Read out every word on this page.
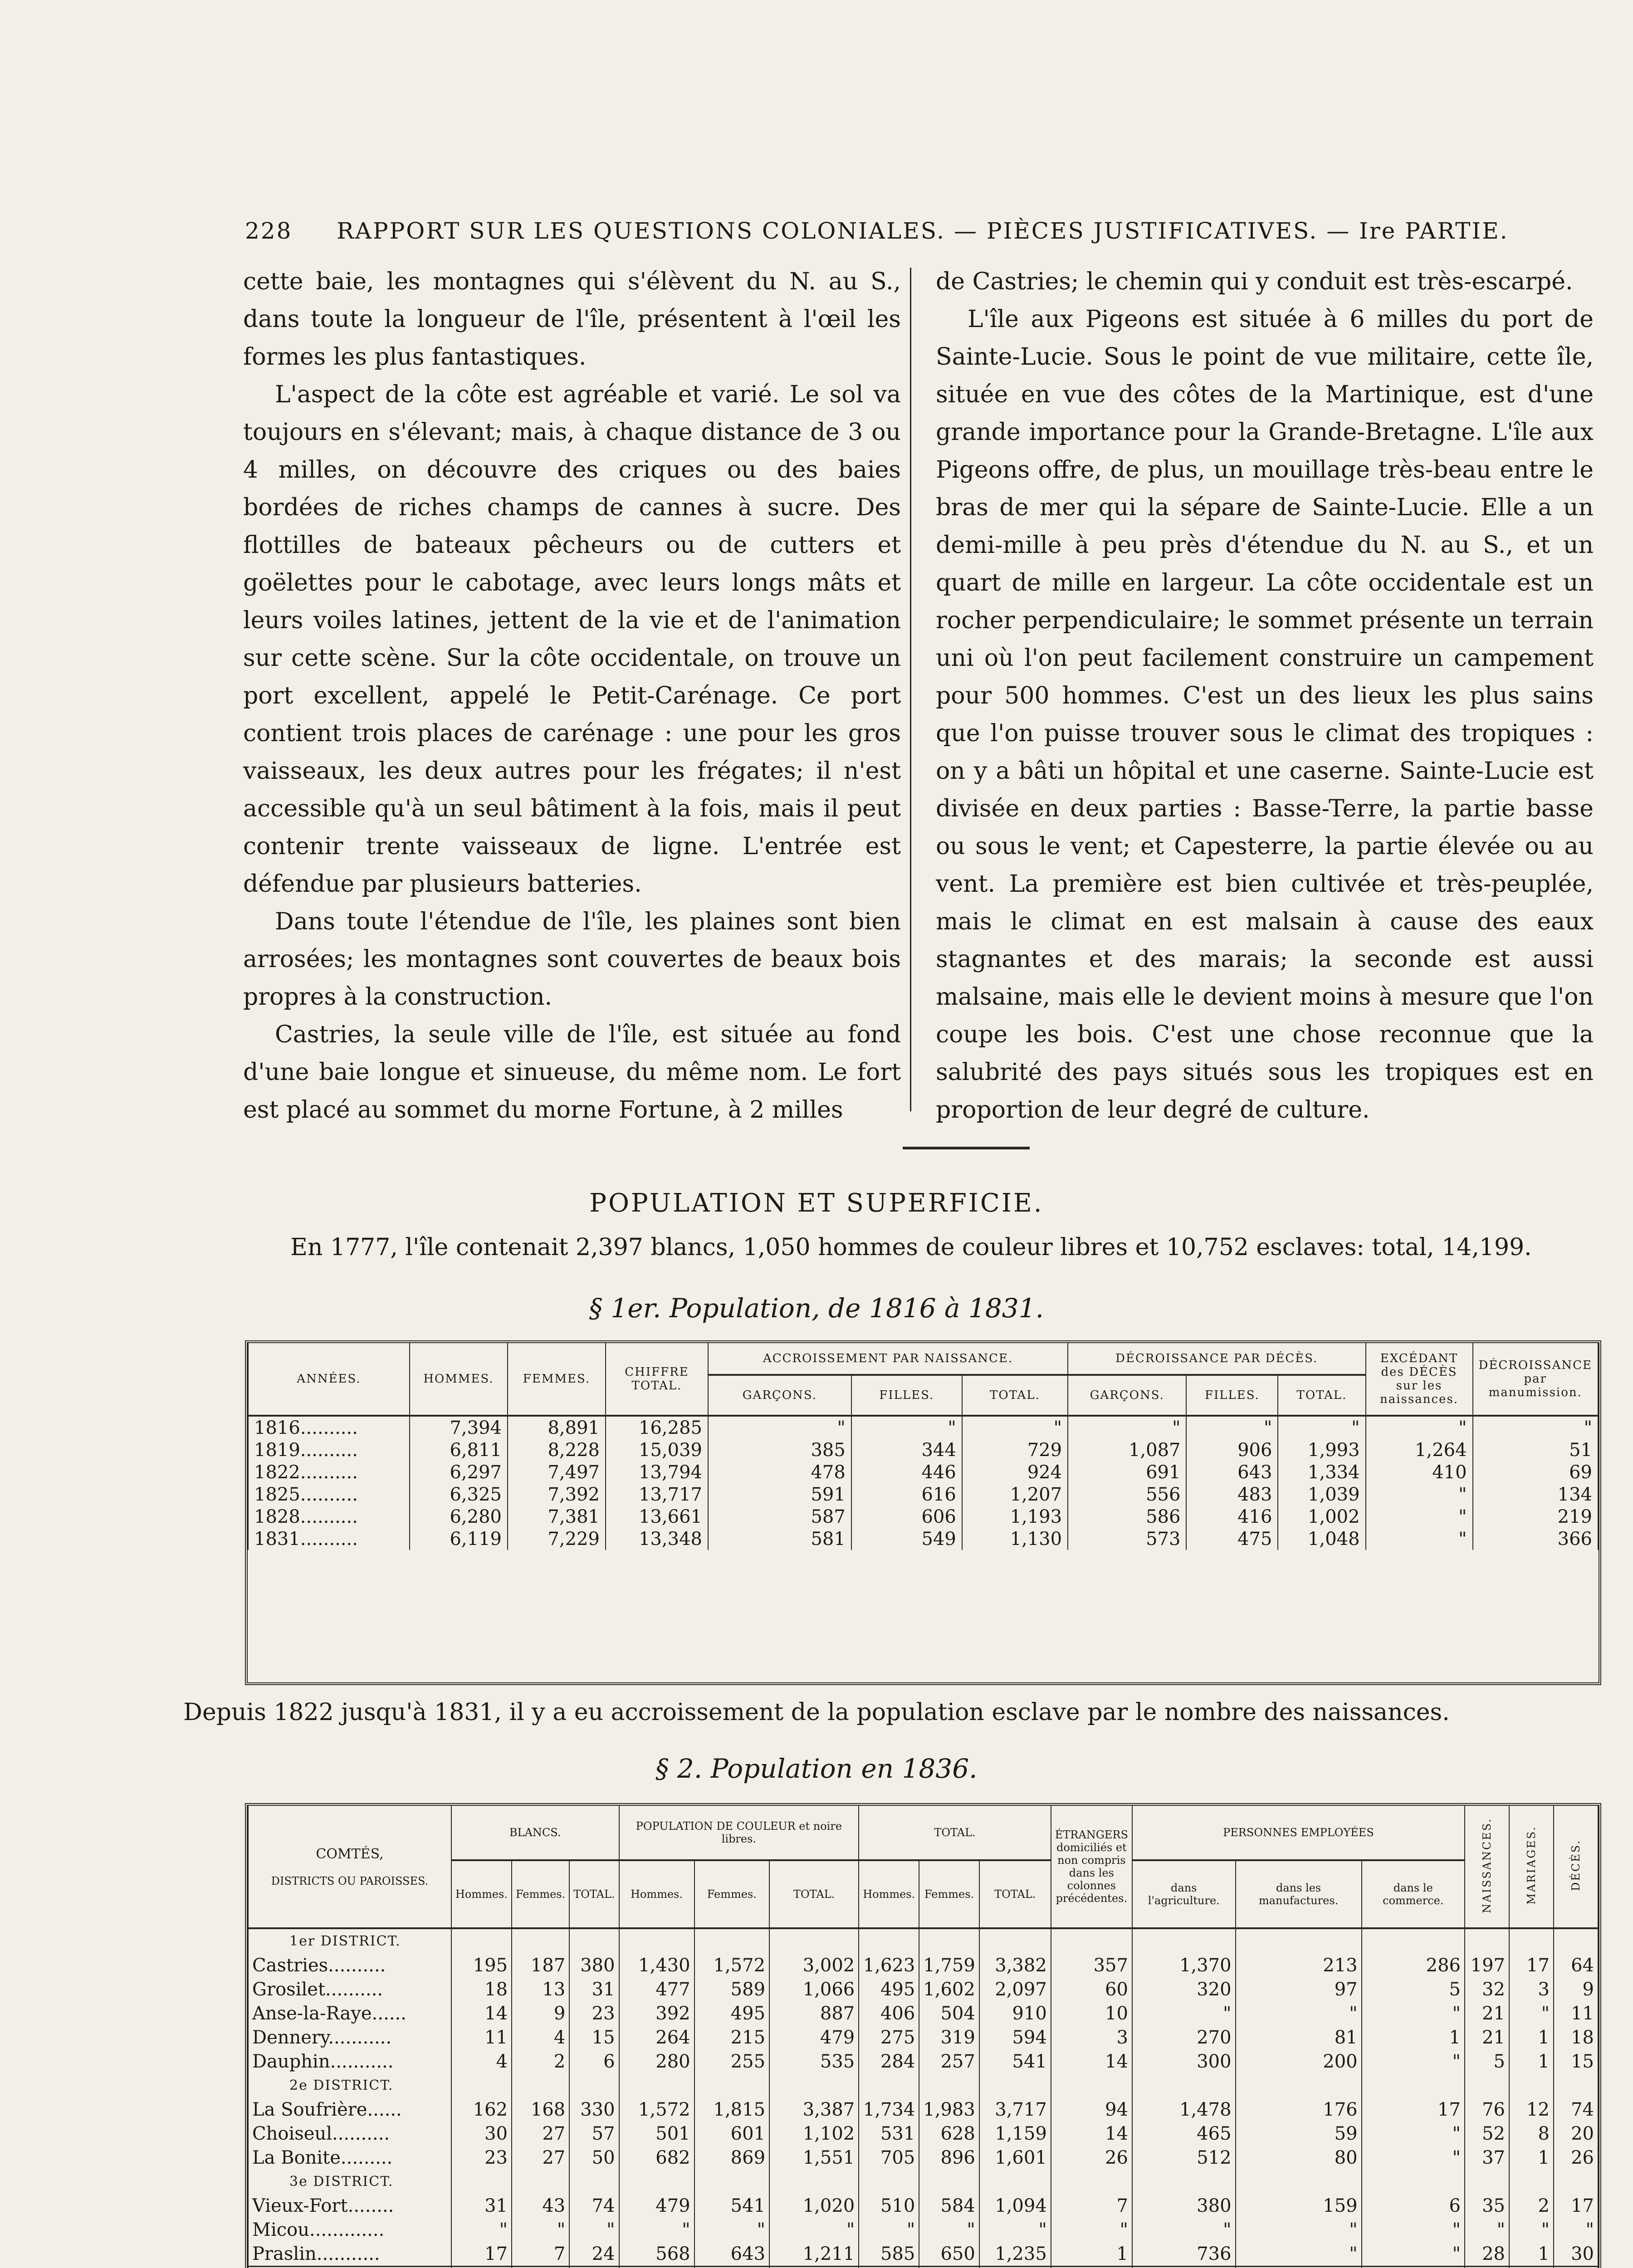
228 RAPPORT SUR LES QUESTIONS COLONIALES. — PIÈCES JUSTIFICATIVES. — Ire PARTIE.

cette baie, les montagnes qui s'élèvent du N. au S., dans toute la longueur de l'île, présentent à l'œil les formes les plus fantastiques.

L'aspect de la côte est agréable et varié. Le sol va toujours en s'élevant; mais, à chaque distance de 3 ou 4 milles, on découvre des criques ou des baies bordées de riches champs de cannes à sucre. Des flottilles de bateaux pêcheurs ou de cutters et goëlettes pour le cabotage, avec leurs longs mâts et leurs voiles latines, jettent de la vie et de l'animation sur cette scène. Sur la côte occidentale, on trouve un port excellent, appelé le Petit-Carénage. Ce port contient trois places de carénage : une pour les gros vaisseaux, les deux autres pour les frégates; il n'est accessible qu'à un seul bâtiment à la fois, mais il peut contenir trente vaisseaux de ligne. L'entrée est défendue par plusieurs batteries.

Dans toute l'étendue de l'île, les plaines sont bien arrosées; les montagnes sont couvertes de beaux bois propres à la construction.

Castries, la seule ville de l'île, est située au fond d'une baie longue et sinueuse, du même nom. Le fort est placé au sommet du morne Fortune, à 2 milles

de Castries; le chemin qui y conduit est très-escarpé.

L'île aux Pigeons est située à 6 milles du port de Sainte-Lucie. Sous le point de vue militaire, cette île, située en vue des côtes de la Martinique, est d'une grande importance pour la Grande-Bretagne. L'île aux Pigeons offre, de plus, un mouillage très-beau entre le bras de mer qui la sépare de Sainte-Lucie. Elle a un demi-mille à peu près d'étendue du N. au S., et un quart de mille en largeur. La côte occidentale est un rocher perpendiculaire; le sommet présente un terrain uni où l'on peut facilement construire un campement pour 500 hommes. C'est un des lieux les plus sains que l'on puisse trouver sous le climat des tropiques : on y a bâti un hôpital et une caserne. Sainte-Lucie est divisée en deux parties : Basse-Terre, la partie basse ou sous le vent; et Capesterre, la partie élevée ou au vent. La première est bien cultivée et très-peuplée, mais le climat en est malsain à cause des eaux stagnantes et des marais; la seconde est aussi malsaine, mais elle le devient moins à mesure que l'on coupe les bois. C'est une chose reconnue que la salubrité des pays situés sous les tropiques est en proportion de leur degré de culture.

POPULATION ET SUPERFICIE.
En 1777, l'île contenait 2,397 blancs, 1,050 hommes de couleur libres et 10,752 esclaves: total, 14,199.
§ 1er. Population, de 1816 à 1831.
ANNÉES.	HOMMES.	FEMMES.	CHIFFRE
TOTAL.	ACCROISSEMENT PAR NAISSANCE.			DÉCROISSANCE PAR DÉCÈS.			EXCÉDANT des DÉCÈS sur les naissances.	DÉCROISSANCE par manumission.
				GARÇONS.	FILLES.	TOTAL.	GARÇONS.	FILLES.	TOTAL.		
1816..........	7,394	8,891	16,285	"	"	"	"	"	"	"	"
1819..........	6,811	8,228	15,039	385	344	729	1,087	906	1,993	1,264	51
1822..........	6,297	7,497	13,794	478	446	924	691	643	1,334	410	69
1825..........	6,325	7,392	13,717	591	616	1,207	556	483	1,039	"	134
1828..........	6,280	7,381	13,661	587	606	1,193	586	416	1,002	"	219
1831..........	6,119	7,229	13,348	581	549	1,130	573	475	1,048	"	366
Depuis 1822 jusqu'à 1831, il y a eu accroissement de la population esclave par le nombre des naissances.
§ 2. Population en 1836.
COMTÉS,

DISTRICTS OU PAROISSES.	BLANCS.			POPULATION DE COULEUR et noire libres.			TOTAL.			ÉTRANGERS domiciliés et non compris dans les colonnes précédentes.	PERSONNES EMPLOYÉES			NAISSANCES.	MARIAGES.	DÉCÈS.
	Hommes.	Femmes.	TOTAL.	Hommes.	Femmes.	TOTAL.	Hommes.	Femmes.	TOTAL.		dans l'agriculture.	dans les manufactures.	dans le commerce.			
1er DISTRICT.																
Castries..........	195	187	380	1,430	1,572	3,002	1,623	1,759	3,382	357	1,370	213	286	197	17	64
Grosilet..........	18	13	31	477	589	1,066	495	1,602	2,097	60	320	97	5	32	3	9
Anse-la-Raye......	14	9	23	392	495	887	406	504	910	10	"	"	"	21	"	11
Dennery...........	11	4	15	264	215	479	275	319	594	3	270	81	1	21	1	18
Dauphin...........	4	2	6	280	255	535	284	257	541	14	300	200	"	5	1	15
2e DISTRICT.																
La Soufrière......	162	168	330	1,572	1,815	3,387	1,734	1,983	3,717	94	1,478	176	17	76	12	74
Choiseul..........	30	27	57	501	601	1,102	531	628	1,159	14	465	59	"	52	8	20
La Bonite.........	23	27	50	682	869	1,551	705	896	1,601	26	512	80	"	37	1	26
3e DISTRICT.																
Vieux-Fort........	31	43	74	479	541	1,020	510	584	1,094	7	380	159	6	35	2	17
Micou.............	"	"	"	"	"	"	"	"	"	"	"	"	"	"	"	"
Praslin...........	17	7	24	568	643	1,211	585	650	1,235	1	736	"	"	28	1	30
